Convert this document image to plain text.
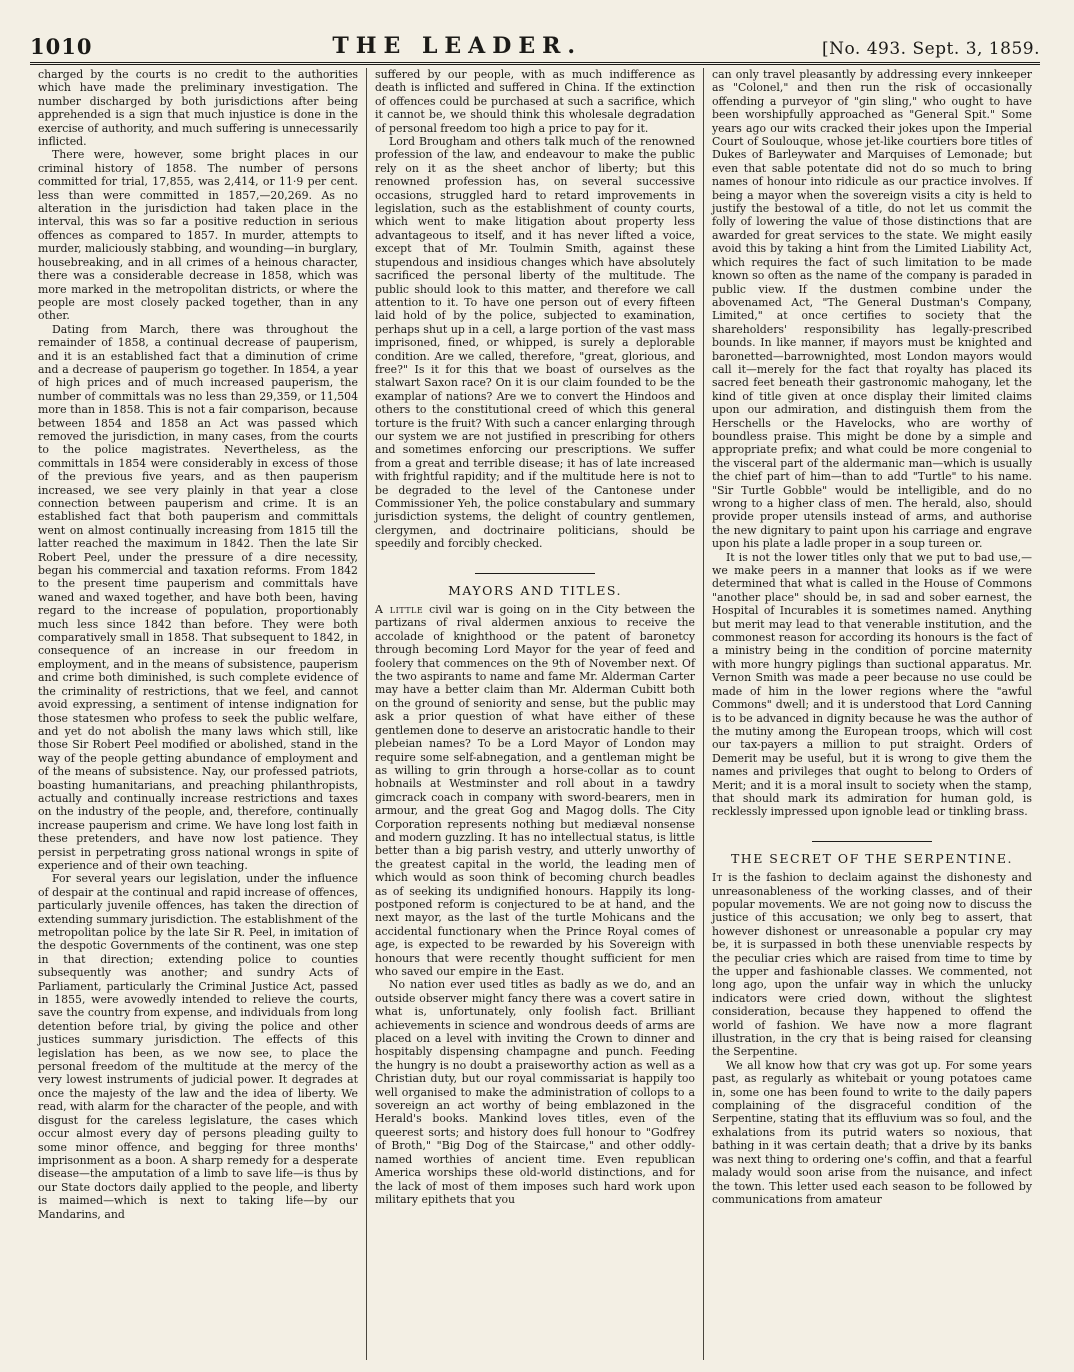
1010	THE LEADER.	[No. 493. Sept. 3, 1859.

charged by the courts is no credit to the authorities which have made the preliminary investigation. The number discharged by both jurisdictions after being apprehended is a sign that much injustice is done in the exercise of authority, and much suffering is unnecessarily inflicted.

There were, however, some bright places in our criminal history of 1858. The number of persons committed for trial, 17,855, was 2,414, or 11·9 per cent. less than were committed in 1857,—20,269. As no alteration in the jurisdiction had taken place in the interval, this was so far a positive reduction in serious offences as compared to 1857. In murder, attempts to murder, maliciously stabbing, and wounding—in burglary, housebreaking, and in all crimes of a heinous character, there was a considerable decrease in 1858, which was more marked in the metropolitan districts, or where the people are most closely packed together, than in any other.

Dating from March, there was throughout the remainder of 1858, a continual decrease of pauperism, and it is an established fact that a diminution of crime and a decrease of pauperism go together. In 1854, a year of high prices and of much increased pauperism, the number of committals was no less than 29,359, or 11,504 more than in 1858. This is not a fair comparison, because between 1854 and 1858 an Act was passed which removed the jurisdiction, in many cases, from the courts to the police magistrates. Nevertheless, as the committals in 1854 were considerably in excess of those of the previous five years, and as then pauperism increased, we see very plainly in that year a close connection between pauperism and crime. It is an established fact that both pauperism and committals went on almost continually increasing from 1815 till the latter reached the maximum in 1842. Then the late Sir Robert Peel, under the pressure of a dire necessity, began his commercial and taxation reforms. From 1842 to the present time pauperism and committals have waned and waxed together, and have both been, having regard to the increase of population, proportionably much less since 1842 than before. They were both comparatively small in 1858. That subsequent to 1842, in consequence of an increase in our freedom in employment, and in the means of subsistence, pauperism and crime both diminished, is such complete evidence of the criminality of restrictions, that we feel, and cannot avoid expressing, a sentiment of intense indignation for those statesmen who profess to seek the public welfare, and yet do not abolish the many laws which still, like those Sir Robert Peel modified or abolished, stand in the way of the people getting abundance of employment and of the means of subsistence. Nay, our professed patriots, boasting humanitarians, and preaching philanthropists, actually and continually increase restrictions and taxes on the industry of the people, and, therefore, continually increase pauperism and crime. We have long lost faith in these pretenders, and have now lost patience. They persist in perpetrating gross national wrongs in spite of experience and of their own teaching.

For several years our legislation, under the influence of despair at the continual and rapid increase of offences, particularly juvenile offences, has taken the direction of extending summary jurisdiction. The establishment of the metropolitan police by the late Sir R. Peel, in imitation of the despotic Governments of the continent, was one step in that direction; extending police to counties subsequently was another; and sundry Acts of Parliament, particularly the Criminal Justice Act, passed in 1855, were avowedly intended to relieve the courts, save the country from expense, and individuals from long detention before trial, by giving the police and other justices summary jurisdiction. The effects of this legislation has been, as we now see, to place the personal freedom of the multitude at the mercy of the very lowest instruments of judicial power. It degrades at once the majesty of the law and the idea of liberty. We read, with alarm for the character of the people, and with disgust for the careless legislature, the cases which occur almost every day of persons pleading guilty to some minor offence, and begging for three months' imprisonment as a boon. A sharp remedy for a desperate disease—the amputation of a limb to save life—is thus by our State doctors daily applied to the people, and liberty is maimed—which is next to taking life—by our Mandarins, and

suffered by our people, with as much indifference as death is inflicted and suffered in China. If the extinction of offences could be purchased at such a sacrifice, which it cannot be, we should think this wholesale degradation of personal freedom too high a price to pay for it.

Lord Brougham and others talk much of the renowned profession of the law, and endeavour to make the public rely on it as the sheet anchor of liberty; but this renowned profession has, on several successive occasions, struggled hard to retard improvements in legislation, such as the establishment of county courts, which went to make litigation about property less advantageous to itself, and it has never lifted a voice, except that of Mr. Toulmin Smith, against these stupendous and insidious changes which have absolutely sacrificed the personal liberty of the multitude. The public should look to this matter, and therefore we call attention to it. To have one person out of every fifteen laid hold of by the police, subjected to examination, perhaps shut up in a cell, a large portion of the vast mass imprisoned, fined, or whipped, is surely a deplorable condition. Are we called, therefore, "great, glorious, and free?" Is it for this that we boast of ourselves as the stalwart Saxon race? On it is our claim founded to be the examplar of nations? Are we to convert the Hindoos and others to the constitutional creed of which this general torture is the fruit? With such a cancer enlarging through our system we are not justified in prescribing for others and sometimes enforcing our prescriptions. We suffer from a great and terrible disease; it has of late increased with frightful rapidity; and if the multitude here is not to be degraded to the level of the Cantonese under Commissioner Yeh, the police constabulary and summary jurisdiction systems, the delight of country gentlemen, clergymen, and doctrinaire politicians, should be speedily and forcibly checked.

MAYORS AND TITLES.

A little civil war is going on in the City between the partizans of rival aldermen anxious to receive the accolade of knighthood or the patent of baronetcy through becoming Lord Mayor for the year of feed and foolery that commences on the 9th of November next. Of the two aspirants to name and fame Mr. Alderman Carter may have a better claim than Mr. Alderman Cubitt both on the ground of seniority and sense, but the public may ask a prior question of what have either of these gentlemen done to deserve an aristocratic handle to their plebeian names? To be a Lord Mayor of London may require some self-abnegation, and a gentleman might be as willing to grin through a horse-collar as to count hobnails at Westminster and roll about in a tawdry gimcrack coach in company with sword-bearers, men in armour, and the great Gog and Magog dolls. The City Corporation represents nothing but mediæval nonsense and modern guzzling. It has no intellectual status, is little better than a big parish vestry, and utterly unworthy of the greatest capital in the world, the leading men of which would as soon think of becoming church beadles as of seeking its undignified honours. Happily its long-postponed reform is conjectured to be at hand, and the next mayor, as the last of the turtle Mohicans and the accidental functionary when the Prince Royal comes of age, is expected to be rewarded by his Sovereign with honours that were recently thought sufficient for men who saved our empire in the East.

No nation ever used titles as badly as we do, and an outside observer might fancy there was a covert satire in what is, unfortunately, only foolish fact. Brilliant achievements in science and wondrous deeds of arms are placed on a level with inviting the Crown to dinner and hospitably dispensing champagne and punch. Feeding the hungry is no doubt a praiseworthy action as well as a Christian duty, but our royal commissariat is happily too well organised to make the administration of collops to a sovereign an act worthy of being emblazoned in the Herald's books. Mankind loves titles, even of the queerest sorts; and history does full honour to "Godfrey of Broth," "Big Dog of the Staircase," and other oddly-named worthies of ancient time. Even republican America worships these old-world distinctions, and for the lack of most of them imposes such hard work upon military epithets that you

can only travel pleasantly by addressing every innkeeper as "Colonel," and then run the risk of occasionally offending a purveyor of "gin sling," who ought to have been worshipfully approached as "General Spit." Some years ago our wits cracked their jokes upon the Imperial Court of Soulouque, whose jet-like courtiers bore titles of Dukes of Barleywater and Marquises of Lemonade; but even that sable potentate did not do so much to bring names of honour into ridicule as our practice involves. If being a mayor when the sovereign visits a city is held to justify the bestowal of a title, do not let us commit the folly of lowering the value of those distinctions that are awarded for great services to the state. We might easily avoid this by taking a hint from the Limited Liability Act, which requires the fact of such limitation to be made known so often as the name of the company is paraded in public view. If the dustmen combine under the abovenamed Act, "The General Dustman's Company, Limited," at once certifies to society that the shareholders' responsibility has legally-prescribed bounds. In like manner, if mayors must be knighted and baronetted—barrownighted, most London mayors would call it—merely for the fact that royalty has placed its sacred feet beneath their gastronomic mahogany, let the kind of title given at once display their limited claims upon our admiration, and distinguish them from the Herschells or the Havelocks, who are worthy of boundless praise. This might be done by a simple and appropriate prefix; and what could be more congenial to the visceral part of the aldermanic man—which is usually the chief part of him—than to add "Turtle" to his name. "Sir Turtle Gobble" would be intelligible, and do no wrong to a higher class of men. The herald, also, should provide proper utensils instead of arms, and authorise the new dignitary to paint upon his carriage and engrave upon his plate a ladle proper in a soup tureen or.

It is not the lower titles only that we put to bad use,—we make peers in a manner that looks as if we were determined that what is called in the House of Commons "another place" should be, in sad and sober earnest, the Hospital of Incurables it is sometimes named. Anything but merit may lead to that venerable institution, and the commonest reason for according its honours is the fact of a ministry being in the condition of porcine maternity with more hungry piglings than suctional apparatus. Mr. Vernon Smith was made a peer because no use could be made of him in the lower regions where the "awful Commons" dwell; and it is understood that Lord Canning is to be advanced in dignity because he was the author of the mutiny among the European troops, which will cost our tax-payers a million to put straight. Orders of Demerit may be useful, but it is wrong to give them the names and privileges that ought to belong to Orders of Merit; and it is a moral insult to society when the stamp, that should mark its admiration for human gold, is recklessly impressed upon ignoble lead or tinkling brass.

THE SECRET OF THE SERPENTINE.

It is the fashion to declaim against the dishonesty and unreasonableness of the working classes, and of their popular movements. We are not going now to discuss the justice of this accusation; we only beg to assert, that however dishonest or unreasonable a popular cry may be, it is surpassed in both these unenviable respects by the peculiar cries which are raised from time to time by the upper and fashionable classes. We commented, not long ago, upon the unfair way in which the unlucky indicators were cried down, without the slightest consideration, because they happened to offend the world of fashion. We have now a more flagrant illustration, in the cry that is being raised for cleansing the Serpentine.

We all know how that cry was got up. For some years past, as regularly as whitebait or young potatoes came in, some one has been found to write to the daily papers complaining of the disgraceful condition of the Serpentine, stating that its effluvium was so foul, and the exhalations from its putrid waters so noxious, that bathing in it was certain death; that a drive by its banks was next thing to ordering one's coffin, and that a fearful malady would soon arise from the nuisance, and infect the town. This letter used each season to be followed by communications from amateur
